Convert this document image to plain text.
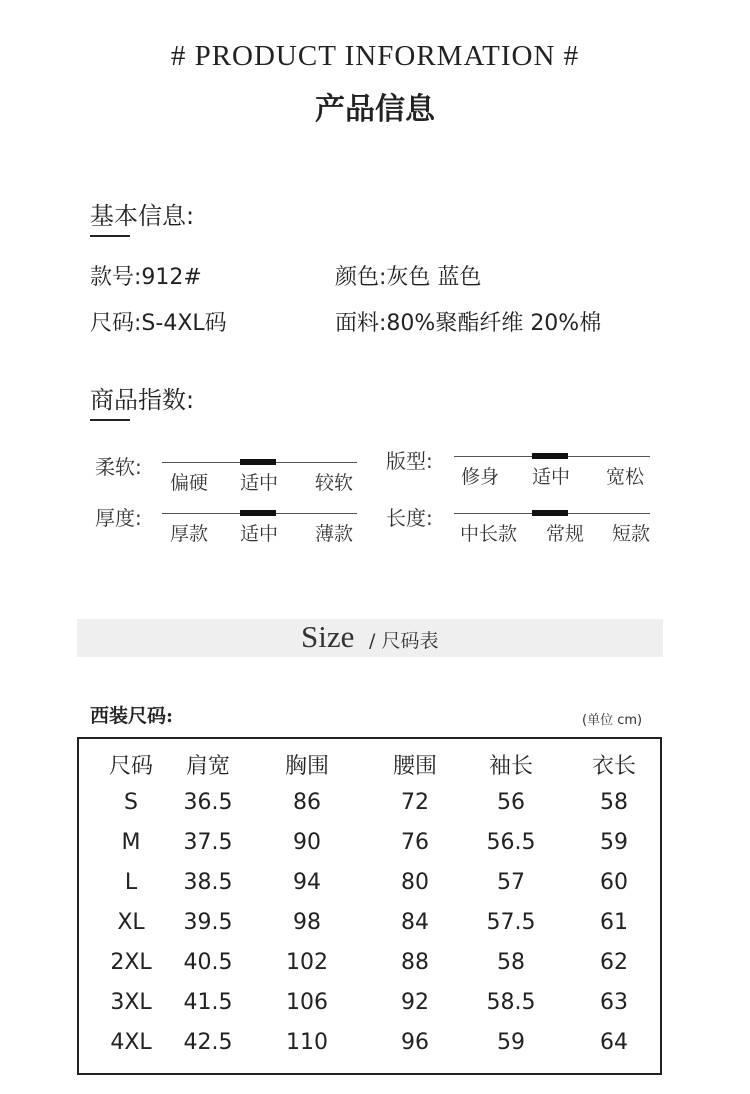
# PRODUCT INFORMATION #
产品信息
基本信息:
款号:912#	颜色:灰色 蓝色
尺码:S-4XL码	面料:80%聚酯纤维 20%棉
商品指数:
柔软:
偏硬 适中 较软
版型:
修身 适中 宽松
厚度:
厚款 适中 薄款
长度:
中长款 常规 短款
Size / 尺码表
西装尺码:	(单位 cm)
尺码	肩宽	胸围	腰围	袖长	衣长
S	36.5	86	72	56	58
M	37.5	90	76	56.5	59
L	38.5	94	80	57	60
XL	39.5	98	84	57.5	61
2XL	40.5	102	88	58	62
3XL	41.5	106	92	58.5	63
4XL	42.5	110	96	59	64
